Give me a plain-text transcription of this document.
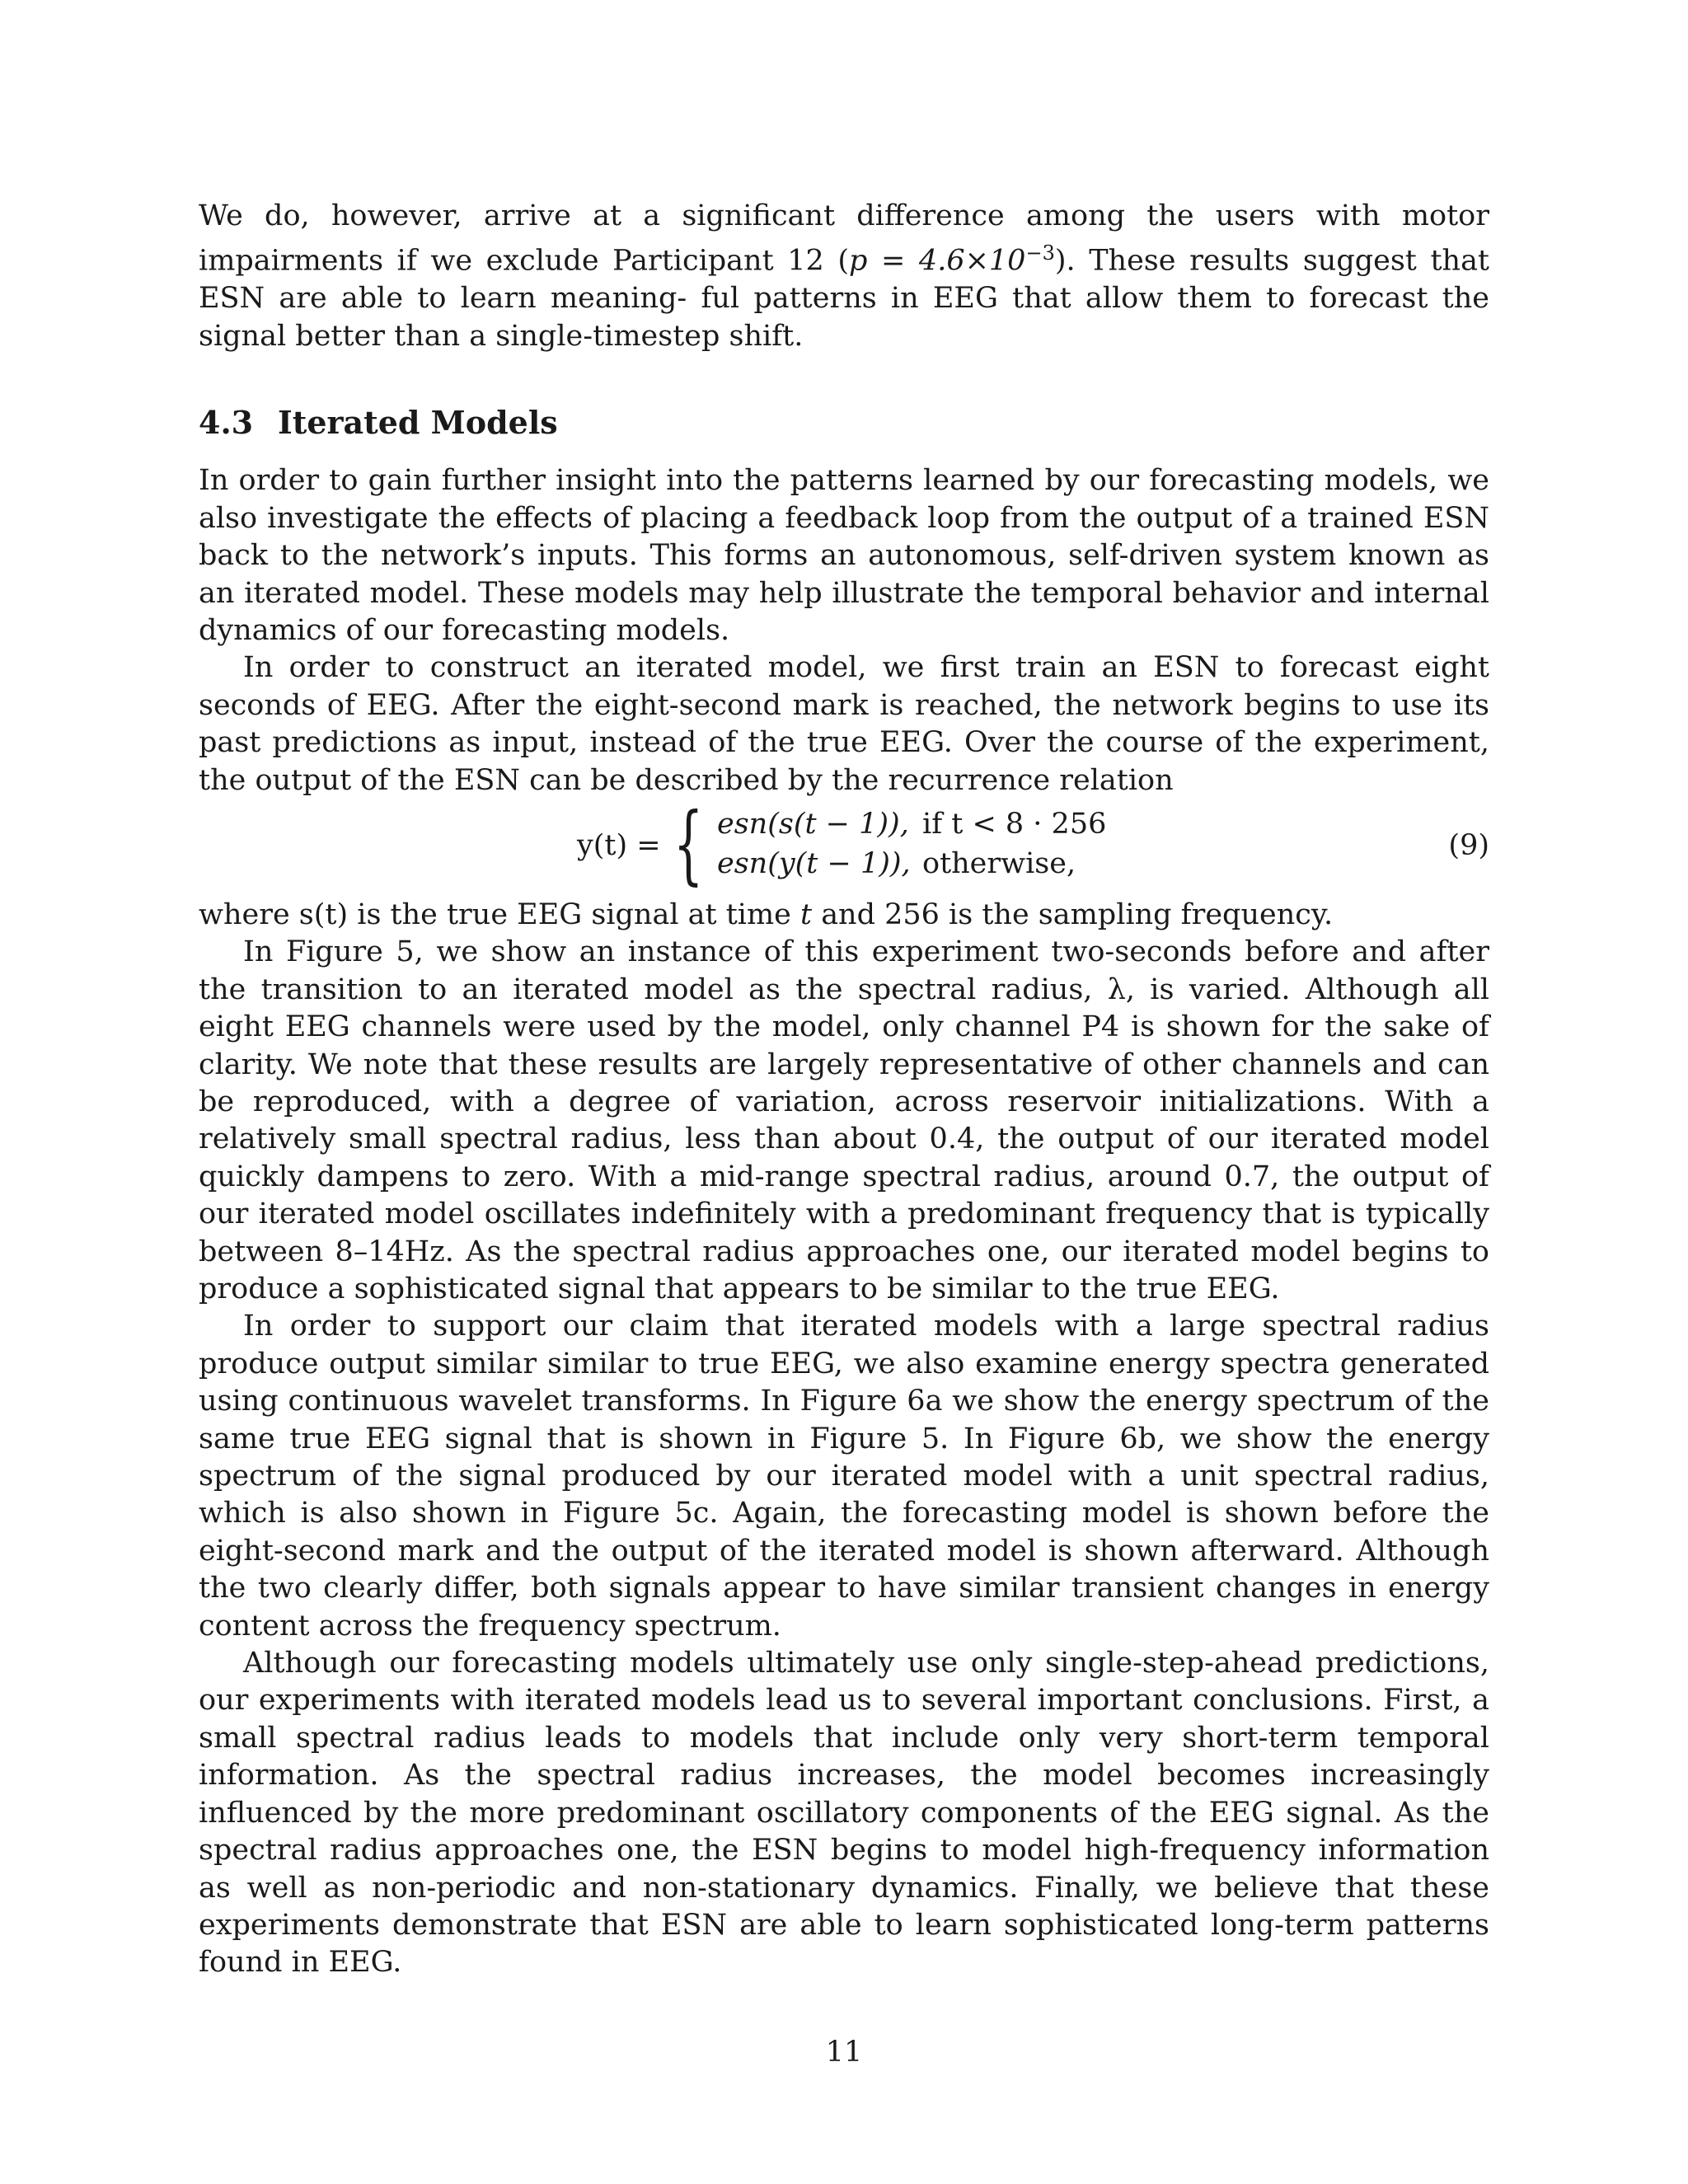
We do, however, arrive at a significant difference among the users with motor impairments if we exclude Participant 12 $(p = 4.6\times 10^{-3})$. These results suggest that ESN are able to learn meaning- ful patterns in EEG that allow them to forecast the signal better than a single-timestep shift.

4.3 Iterated Models

In order to gain further insight into the patterns learned by our forecasting models, we also investigate the effects of placing a feedback loop from the output of a trained ESN back to the network’s inputs. This forms an autonomous, self-driven system known as an iterated model. These models may help illustrate the temporal behavior and internal dynamics of our forecasting models.

In order to construct an iterated model, we first train an ESN to forecast eight seconds of EEG. After the eight-second mark is reached, the network begins to use its past predictions as input, instead of the true EEG. Over the course of the experiment, the output of the ESN can be described by the recurrence relation

y(t) = { esn(s(t − 1)), if t < 8 · 256
esn(y(t − 1)), otherwise,
(9)

where s(t) is the true EEG signal at time t and 256 is the sampling frequency.

In Figure 5, we show an instance of this experiment two-seconds before and after the transition to an iterated model as the spectral radius, λ, is varied. Although all eight EEG channels were used by the model, only channel P4 is shown for the sake of clarity. We note that these results are largely representative of other channels and can be reproduced, with a degree of variation, across reservoir initializations. With a relatively small spectral radius, less than about 0.4, the output of our iterated model quickly dampens to zero. With a mid-range spectral radius, around 0.7, the output of our iterated model oscillates indefinitely with a predominant frequency that is typically between 8–14Hz. As the spectral radius approaches one, our iterated model begins to produce a sophisticated signal that appears to be similar to the true EEG.

In order to support our claim that iterated models with a large spectral radius produce output similar similar to true EEG, we also examine energy spectra generated using continuous wavelet transforms. In Figure 6a we show the energy spectrum of the same true EEG signal that is shown in Figure 5. In Figure 6b, we show the energy spectrum of the signal produced by our iterated model with a unit spectral radius, which is also shown in Figure 5c. Again, the forecasting model is shown before the eight-second mark and the output of the iterated model is shown afterward. Although the two clearly differ, both signals appear to have similar transient changes in energy content across the frequency spectrum.

Although our forecasting models ultimately use only single-step-ahead predictions, our experiments with iterated models lead us to several important conclusions. First, a small spectral radius leads to models that include only very short-term temporal information. As the spectral radius increases, the model becomes increasingly influenced by the more predominant oscillatory components of the EEG signal. As the spectral radius approaches one, the ESN begins to model high-frequency information as well as non-periodic and non-stationary dynamics. Finally, we believe that these experiments demonstrate that ESN are able to learn sophisticated long-term patterns found in EEG.

11
